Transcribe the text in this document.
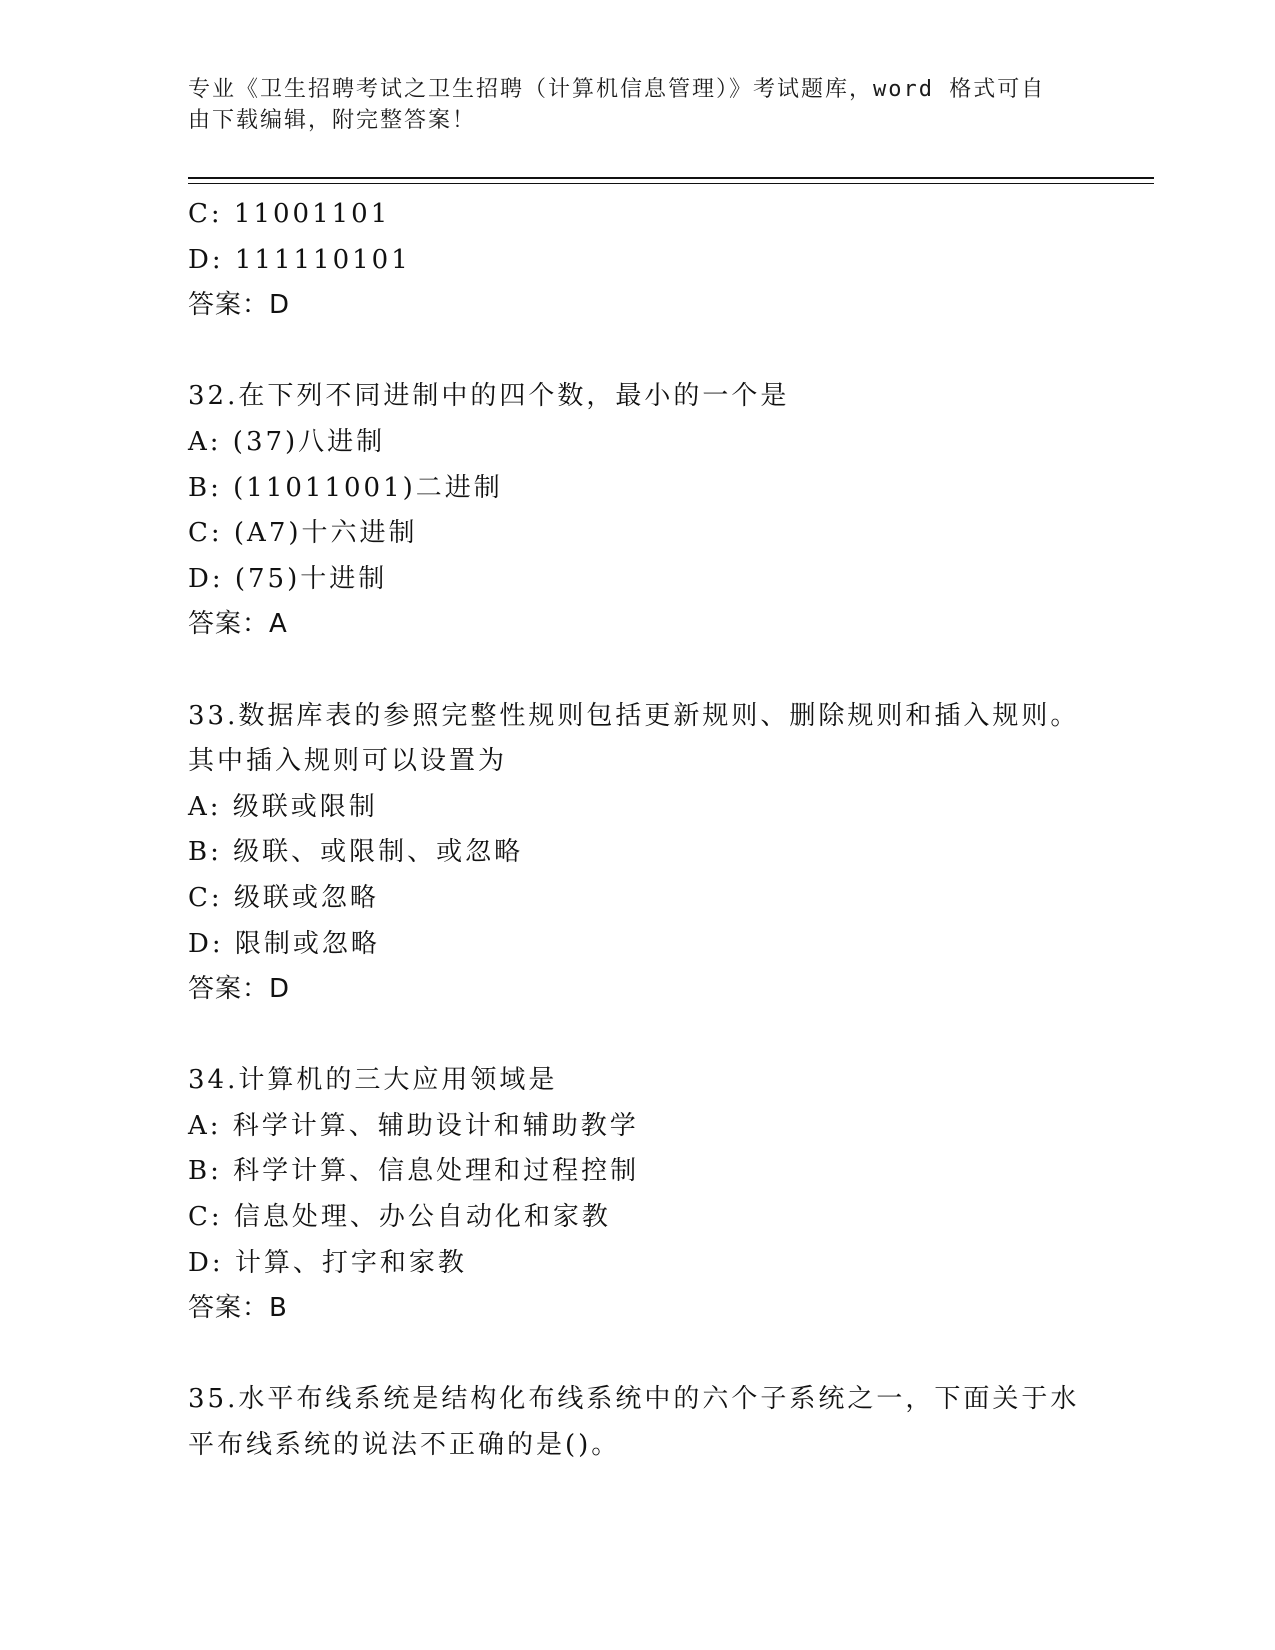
专业《卫生招聘考试之卫生招聘（计算机信息管理）》考试题库，word 格式可自
由下载编辑，附完整答案！
C: 11001101
D: 111110101
答案：D
32.在下列不同进制中的四个数，最小的一个是
A: (37)八进制
B: (11011001)二进制
C: (A7)十六进制
D: (75)十进制
答案：A
33.数据库表的参照完整性规则包括更新规则、删除规则和插入规则。
其中插入规则可以设置为
A: 级联或限制
B: 级联、或限制、或忽略
C: 级联或忽略
D: 限制或忽略
答案：D
34.计算机的三大应用领域是
A: 科学计算、辅助设计和辅助教学
B: 科学计算、信息处理和过程控制
C: 信息处理、办公自动化和家教
D: 计算、打字和家教
答案：B
35.水平布线系统是结构化布线系统中的六个子系统之一，下面关于水
平布线系统的说法不正确的是()。
